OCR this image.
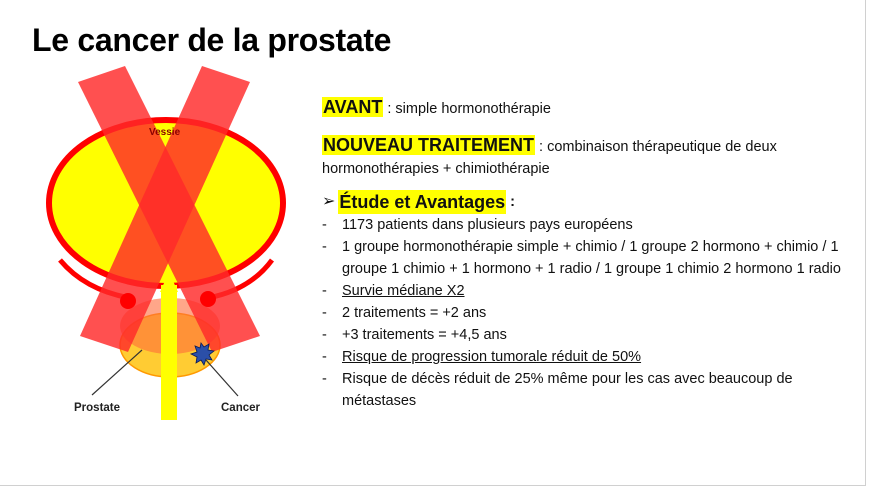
Le cancer de la prostate
Vessie
Prostate	Cancer

AVANT : simple hormonothérapie

NOUVEAU TRAITEMENT : combinaison thérapeutique de deux hormonothérapies + chimiothérapie

➢ Étude et Avantages :
- 1173 patients dans plusieurs pays européens
- 1 groupe hormonothérapie simple + chimio / 1 groupe 2 hormono + chimio / 1 groupe 1 chimio + 1 hormono + 1 radio / 1 groupe 1 chimio 2 hormono 1 radio
- Survie médiane X2
- 2 traitements = +2 ans
- +3 traitements = +4,5 ans
- Risque de progression tumorale réduit de 50%
- Risque de décès réduit de 25% même pour les cas avec beaucoup de métastases
